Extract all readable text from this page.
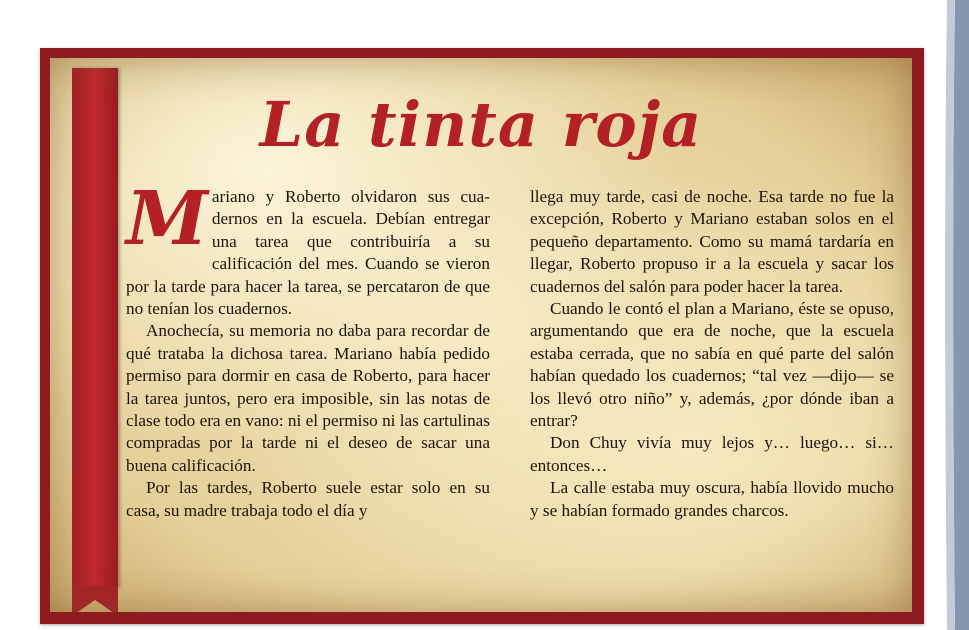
La tinta roja

Mariano y Roberto olvidaron sus cuadernos en la escuela. Debían entregar una tarea que contribuiría a su calificación del mes. Cuando se vieron por la tarde para hacer la tarea, se percataron de que no tenían los cuadernos.

Anochecía, su memoria no daba para recordar de qué trataba la dichosa tarea. Mariano había pedido permiso para dormir en casa de Roberto, para hacer la tarea juntos, pero era imposible, sin las notas de clase todo era en vano: ni el permiso ni las cartulinas compradas por la tarde ni el deseo de sacar una buena calificación.

Por las tardes, Roberto suele estar solo en su casa, su madre trabaja todo el día y

llega muy tarde, casi de noche. Esa tarde no fue la excepción, Roberto y Mariano estaban solos en el pequeño departamento. Como su mamá tardaría en llegar, Roberto propuso ir a la escuela y sacar los cuadernos del salón para poder hacer la tarea.

Cuando le contó el plan a Mariano, éste se opuso, argumentando que era de noche, que la escuela estaba cerrada, que no sabía en qué parte del salón habían quedado los cuadernos; “tal vez —dijo— se los llevó otro niño” y, además, ¿por dónde iban a entrar?

Don Chuy vivía muy lejos y… luego… si… entonces…

La calle estaba muy oscura, había llovido mucho y se habían formado grandes charcos.
